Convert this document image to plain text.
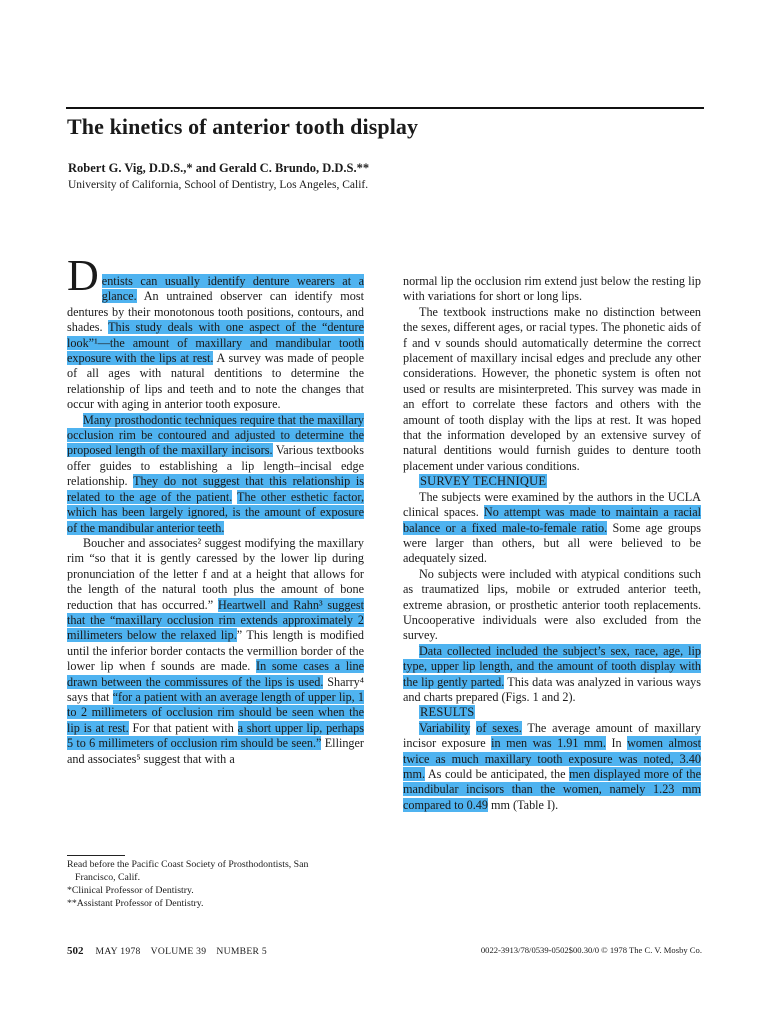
The kinetics of anterior tooth display
Robert G. Vig, D.D.S.,* and Gerald C. Brundo, D.D.S.**
University of California, School of Dentistry, Los Angeles, Calif.

Dentists can usually identify denture wearers at a glance. An untrained observer can identify most dentures by their monotonous tooth positions, contours, and shades. This study deals with one aspect of the “denture look”¹—the amount of maxillary and mandibular tooth exposure with the lips at rest. A survey was made of people of all ages with natural dentitions to determine the relationship of lips and teeth and to note the changes that occur with aging in anterior tooth exposure.

Many prosthodontic techniques require that the maxillary occlusion rim be contoured and adjusted to determine the proposed length of the maxillary incisors. Various textbooks offer guides to establishing a lip length–incisal edge relationship. They do not suggest that this relationship is related to the age of the patient. The other esthetic factor, which has been largely ignored, is the amount of exposure of the mandibular anterior teeth.

Boucher and associates² suggest modifying the maxillary rim “so that it is gently caressed by the lower lip during pronunciation of the letter f and at a height that allows for the length of the natural tooth plus the amount of bone reduction that has occurred.” Heartwell and Rahn³ suggest that the “maxillary occlusion rim extends approximately 2 millimeters below the relaxed lip.” This length is modified until the inferior border contacts the vermillion border of the lower lip when f sounds are made. In some cases a line drawn between the commissures of the lips is used. Sharry⁴ says that “for a patient with an average length of upper lip, 1 to 2 millimeters of occlusion rim should be seen when the lip is at rest. For that patient with a short upper lip, perhaps 5 to 6 millimeters of occlusion rim should be seen.” Ellinger and associates⁵ suggest that with a

normal lip the occlusion rim extend just below the resting lip with variations for short or long lips.

The textbook instructions make no distinction between the sexes, different ages, or racial types. The phonetic aids of f and v sounds should automatically determine the correct placement of maxillary incisal edges and preclude any other considerations. However, the phonetic system is often not used or results are misinterpreted. This survey was made in an effort to correlate these factors and others with the amount of tooth display with the lips at rest. It was hoped that the information developed by an extensive survey of natural dentitions would furnish guides to denture tooth placement under various conditions.

SURVEY TECHNIQUE

The subjects were examined by the authors in the UCLA clinical spaces. No attempt was made to maintain a racial balance or a fixed male-to-female ratio. Some age groups were larger than others, but all were believed to be adequately sized.

No subjects were included with atypical conditions such as traumatized lips, mobile or extruded anterior teeth, extreme abrasion, or prosthetic anterior tooth replacements. Uncooperative individuals were also excluded from the survey.

Data collected included the subject’s sex, race, age, lip type, upper lip length, and the amount of tooth display with the lip gently parted. This data was analyzed in various ways and charts prepared (Figs. 1 and 2).

RESULTS

Variability of sexes. The average amount of maxillary incisor exposure in men was 1.91 mm. In women almost twice as much maxillary tooth exposure was noted, 3.40 mm. As could be anticipated, the men displayed more of the mandibular incisors than the women, namely 1.23 mm compared to 0.49 mm (Table I).

Read before the Pacific Coast Society of Prosthodontists, San
Francisco, Calif.
*Clinical Professor of Dentistry.
**Assistant Professor of Dentistry.
502 MAY 1978 VOLUME 39 NUMBER 5	0022-3913/78/0539-0502$00.30/0 © 1978 The C. V. Mosby Co.
